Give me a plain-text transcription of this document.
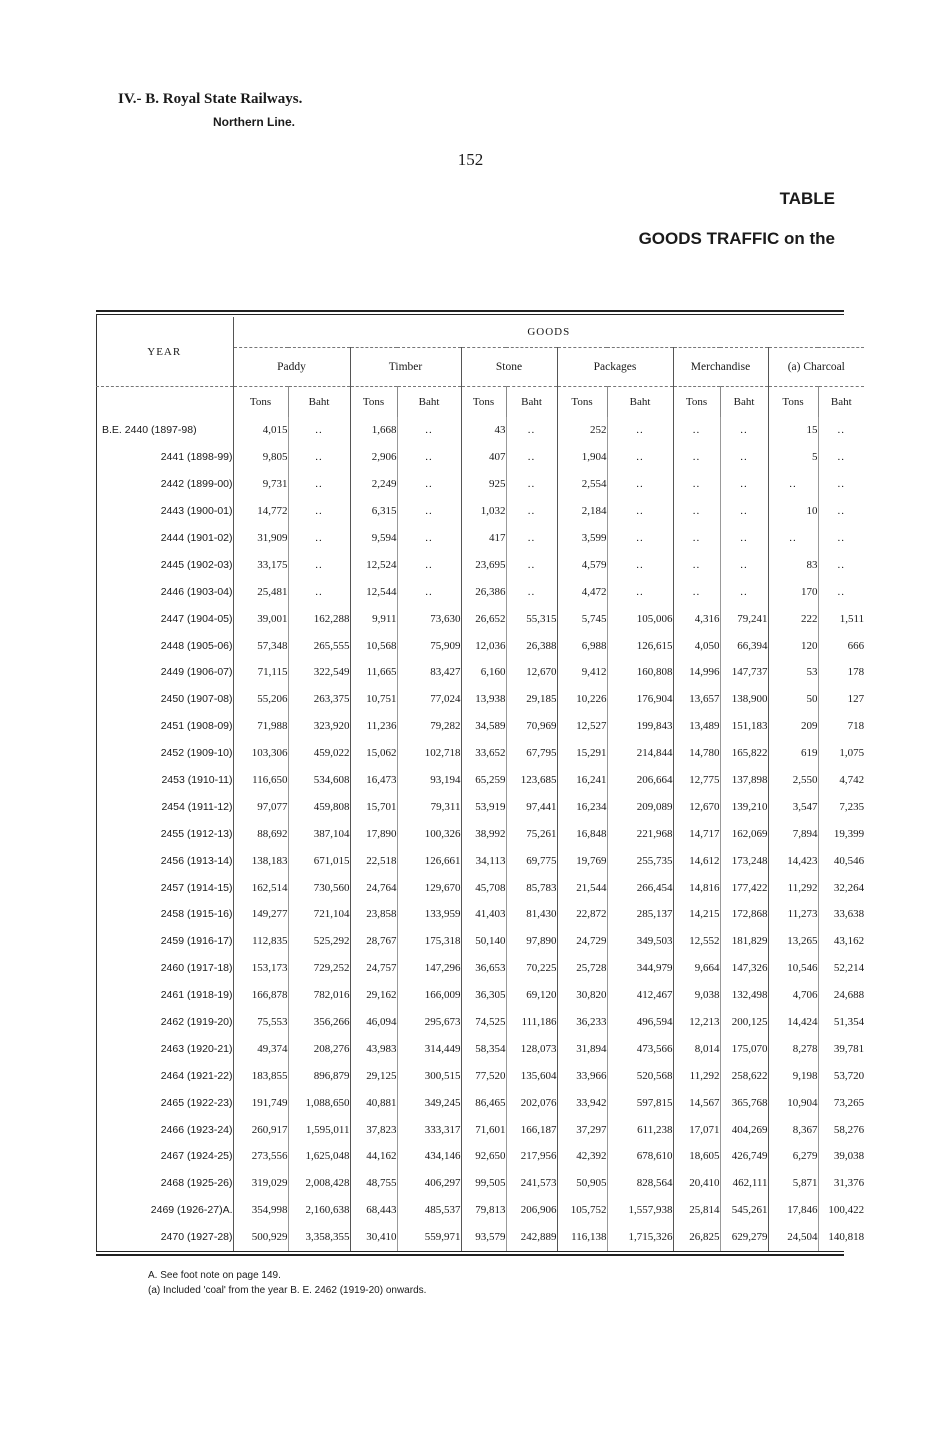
IV.- B. Royal State Railways.
Northern Line.
152
TABLE
GOODS TRAFFIC on the
YEAR	GOODS											
	Paddy		Timber		Stone		Packages		Merchandise		(a) Charcoal	
	Tons	Baht	Tons	Baht	Tons	Baht	Tons	Baht	Tons	Baht	Tons	Baht
B.E. 2440 (1897-98)	4,015	..	1,668	..	43	..	252	..	..	..	15	..
2441 (1898-99)	9,805	..	2,906	..	407	..	1,904	..	..	..	5	..
2442 (1899-00)	9,731	..	2,249	..	925	..	2,554	..	..	..	..	..
2443 (1900-01)	14,772	..	6,315	..	1,032	..	2,184	..	..	..	10	..
2444 (1901-02)	31,909	..	9,594	..	417	..	3,599	..	..	..	..	..
2445 (1902-03)	33,175	..	12,524	..	23,695	..	4,579	..	..	..	83	..
2446 (1903-04)	25,481	..	12,544	..	26,386	..	4,472	..	..	..	170	..
2447 (1904-05)	39,001	162,288	9,911	73,630	26,652	55,315	5,745	105,006	4,316	79,241	222	1,511
2448 (1905-06)	57,348	265,555	10,568	75,909	12,036	26,388	6,988	126,615	4,050	66,394	120	666
2449 (1906-07)	71,115	322,549	11,665	83,427	6,160	12,670	9,412	160,808	14,996	147,737	53	178
2450 (1907-08)	55,206	263,375	10,751	77,024	13,938	29,185	10,226	176,904	13,657	138,900	50	127
2451 (1908-09)	71,988	323,920	11,236	79,282	34,589	70,969	12,527	199,843	13,489	151,183	209	718
2452 (1909-10)	103,306	459,022	15,062	102,718	33,652	67,795	15,291	214,844	14,780	165,822	619	1,075
2453 (1910-11)	116,650	534,608	16,473	93,194	65,259	123,685	16,241	206,664	12,775	137,898	2,550	4,742
2454 (1911-12)	97,077	459,808	15,701	79,311	53,919	97,441	16,234	209,089	12,670	139,210	3,547	7,235
2455 (1912-13)	88,692	387,104	17,890	100,326	38,992	75,261	16,848	221,968	14,717	162,069	7,894	19,399
2456 (1913-14)	138,183	671,015	22,518	126,661	34,113	69,775	19,769	255,735	14,612	173,248	14,423	40,546
2457 (1914-15)	162,514	730,560	24,764	129,670	45,708	85,783	21,544	266,454	14,816	177,422	11,292	32,264
2458 (1915-16)	149,277	721,104	23,858	133,959	41,403	81,430	22,872	285,137	14,215	172,868	11,273	33,638
2459 (1916-17)	112,835	525,292	28,767	175,318	50,140	97,890	24,729	349,503	12,552	181,829	13,265	43,162
2460 (1917-18)	153,173	729,252	24,757	147,296	36,653	70,225	25,728	344,979	9,664	147,326	10,546	52,214
2461 (1918-19)	166,878	782,016	29,162	166,009	36,305	69,120	30,820	412,467	9,038	132,498	4,706	24,688
2462 (1919-20)	75,553	356,266	46,094	295,673	74,525	111,186	36,233	496,594	12,213	200,125	14,424	51,354
2463 (1920-21)	49,374	208,276	43,983	314,449	58,354	128,073	31,894	473,566	8,014	175,070	8,278	39,781
2464 (1921-22)	183,855	896,879	29,125	300,515	77,520	135,604	33,966	520,568	11,292	258,622	9,198	53,720
2465 (1922-23)	191,749	1,088,650	40,881	349,245	86,465	202,076	33,942	597,815	14,567	365,768	10,904	73,265
2466 (1923-24)	260,917	1,595,011	37,823	333,317	71,601	166,187	37,297	611,238	17,071	404,269	8,367	58,276
2467 (1924-25)	273,556	1,625,048	44,162	434,146	92,650	217,956	42,392	678,610	18,605	426,749	6,279	39,038
2468 (1925-26)	319,029	2,008,428	48,755	406,297	99,505	241,573	50,905	828,564	20,410	462,111	5,871	31,376
2469 (1926-27)A.	354,998	2,160,638	68,443	485,537	79,813	206,906	105,752	1,557,938	25,814	545,261	17,846	100,422
2470 (1927-28)	500,929	3,358,355	30,410	559,971	93,579	242,889	116,138	1,715,326	26,825	629,279	24,504	140,818
A. See foot note on page 149.
(a) Included 'coal' from the year B. E. 2462 (1919-20) onwards.
